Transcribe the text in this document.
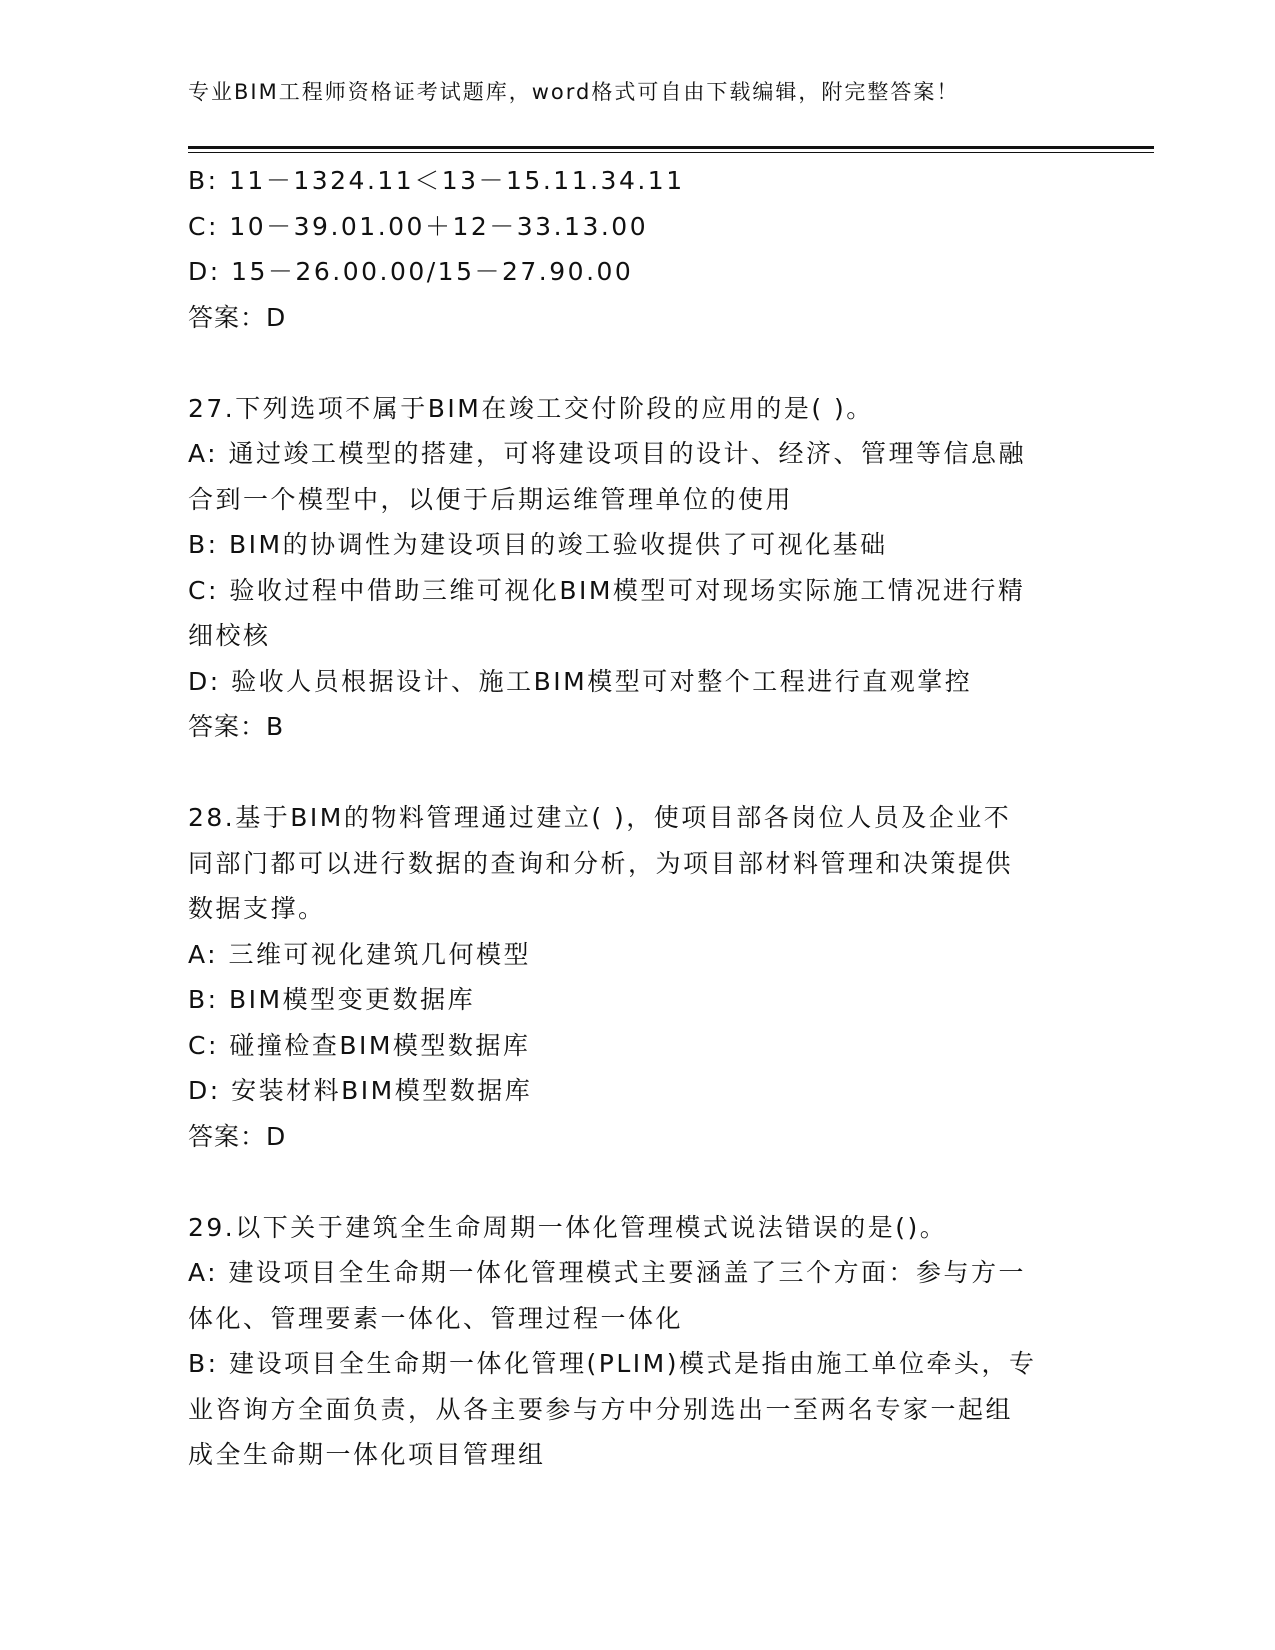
专业BIM工程师资格证考试题库，word格式可自由下载编辑，附完整答案！
B: 11－1324.11＜13－15.11.34.11
C: 10－39.01.00＋12－33.13.00
D: 15－26.00.00/15－27.90.00
答案：D
27.下列选项不属于BIM在竣工交付阶段的应用的是( )。
A: 通过竣工模型的搭建，可将建设项目的设计、经济、管理等信息融
合到一个模型中，以便于后期运维管理单位的使用
B: BIM的协调性为建设项目的竣工验收提供了可视化基础
C: 验收过程中借助三维可视化BIM模型可对现场实际施工情况进行精
细校核
D: 验收人员根据设计、施工BIM模型可对整个工程进行直观掌控
答案：B
28.基于BIM的物料管理通过建立( )，使项目部各岗位人员及企业不
同部门都可以进行数据的查询和分析，为项目部材料管理和决策提供
数据支撑。
A: 三维可视化建筑几何模型
B: BIM模型变更数据库
C: 碰撞检查BIM模型数据库
D: 安装材料BIM模型数据库
答案：D
29.以下关于建筑全生命周期一体化管理模式说法错误的是()。
A: 建设项目全生命期一体化管理模式主要涵盖了三个方面：参与方一
体化、管理要素一体化、管理过程一体化
B: 建设项目全生命期一体化管理(PLIM)模式是指由施工单位牵头，专
业咨询方全面负责，从各主要参与方中分别选出一至两名专家一起组
成全生命期一体化项目管理组
